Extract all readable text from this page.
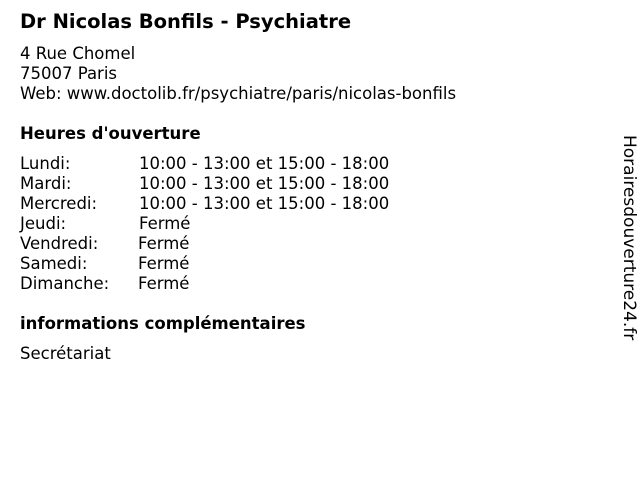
Dr Nicolas Bonfils - Psychiatre
4 Rue Chomel
75007 Paris
Web: www.doctolib.fr/psychiatre/paris/nicolas-bonfils
Heures d'ouverture
Lundi:	10:00 - 13:00 et 15:00 - 18:00
Mardi:	10:00 - 13:00 et 15:00 - 18:00
Mercredi:	10:00 - 13:00 et 15:00 - 18:00
Jeudi:	Fermé
Vendredi: Fermé
Samedi:	Fermé
Dimanche: Fermé
informations complémentaires
Secrétariat
Horairesdouverture24.fr
